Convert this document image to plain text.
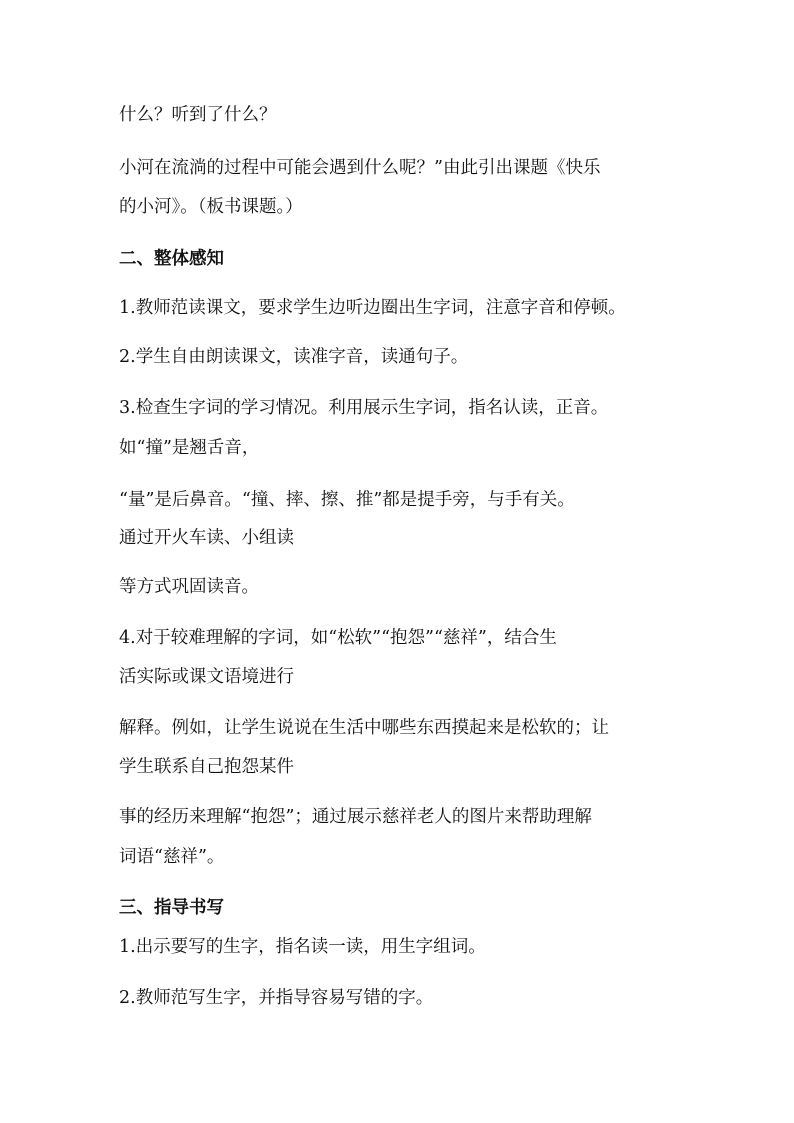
什么？听到了什么？
小河在流淌的过程中可能会遇到什么呢？”由此引出课题《快乐
的小河》。（板书课题。）
二、整体感知
1.教师范读课文，要求学生边听边圈出生字词，注意字音和停顿。
2.学生自由朗读课文，读准字音，读通句子。
3.检查生字词的学习情况。利用展示生字词，指名认读，正音。
如“撞”是翘舌音，
“量”是后鼻音。“撞、摔、擦、推”都是提手旁，与手有关。
通过开火车读、小组读
等方式巩固读音。
4.对于较难理解的字词，如“松软”“抱怨”“慈祥”，结合生
活实际或课文语境进行
解释。例如，让学生说说在生活中哪些东西摸起来是松软的；让
学生联系自己抱怨某件
事的经历来理解“抱怨”；通过展示慈祥老人的图片来帮助理解
词语“慈祥”。
三、指导书写
1.出示要写的生字，指名读一读，用生字组词。
2.教师范写生字，并指导容易写错的字。
